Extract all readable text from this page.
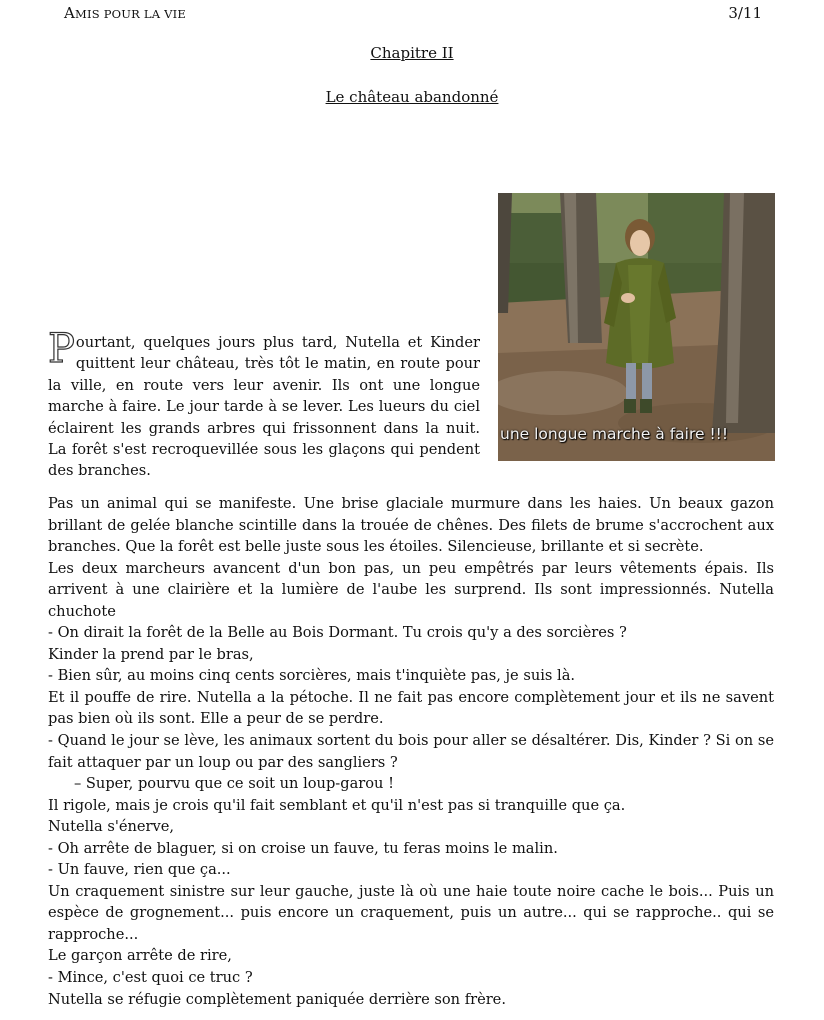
AMIS POUR LA VIE	3/11
Chapitre II
Le château abandonné
une longue marche à faire !!!
Pourtant, quelques jours plus tard, Nutella et Kinder quittent leur château, très tôt le matin, en route pour la ville, en route vers leur avenir. Ils ont une longue marche à faire. Le jour tarde à se lever. Les lueurs du ciel éclairent les grands arbres qui frissonnent dans la nuit. La forêt s'est recroquevillée sous les glaçons qui pendent des branches.

Pas un animal qui se manifeste. Une brise glaciale murmure dans les haies. Un beaux gazon brillant de gelée blanche scintille dans la trouée de chênes. Des filets de brume s'accrochent aux branches. Que la forêt est belle juste sous les étoiles. Silencieuse, brillante et si secrète.

Les deux marcheurs avancent d'un bon pas, un peu empêtrés par leurs vêtements épais. Ils arrivent à une clairière et la lumière de l'aube les surprend. Ils sont impressionnés. Nutella chuchote

- On dirait la forêt de la Belle au Bois Dormant. Tu crois qu'y a des sorcières ?

Kinder la prend par le bras,

- Bien sûr, au moins cinq cents sorcières, mais t'inquiète pas, je suis là.

Et il pouffe de rire. Nutella a la pétoche. Il ne fait pas encore complètement jour et ils ne savent pas bien où ils sont. Elle a peur de se perdre.

- Quand le jour se lève, les animaux sortent du bois pour aller se désaltérer. Dis, Kinder ? Si on se fait attaquer par un loup ou par des sangliers ?

– Super, pourvu que ce soit un loup-garou !

Il rigole, mais je crois qu'il fait semblant et qu'il n'est pas si tranquille que ça.

Nutella s'énerve,

- Oh arrête de blaguer, si on croise un fauve, tu feras moins le malin.

- Un fauve, rien que ça...

Un craquement sinistre sur leur gauche, juste là où une haie toute noire cache le bois... Puis un espèce de grognement... puis encore un craquement, puis un autre... qui se rapproche.. qui se rapproche...

Le garçon arrête de rire,

- Mince, c'est quoi ce truc ?

Nutella se réfugie complètement paniquée derrière son frère.
